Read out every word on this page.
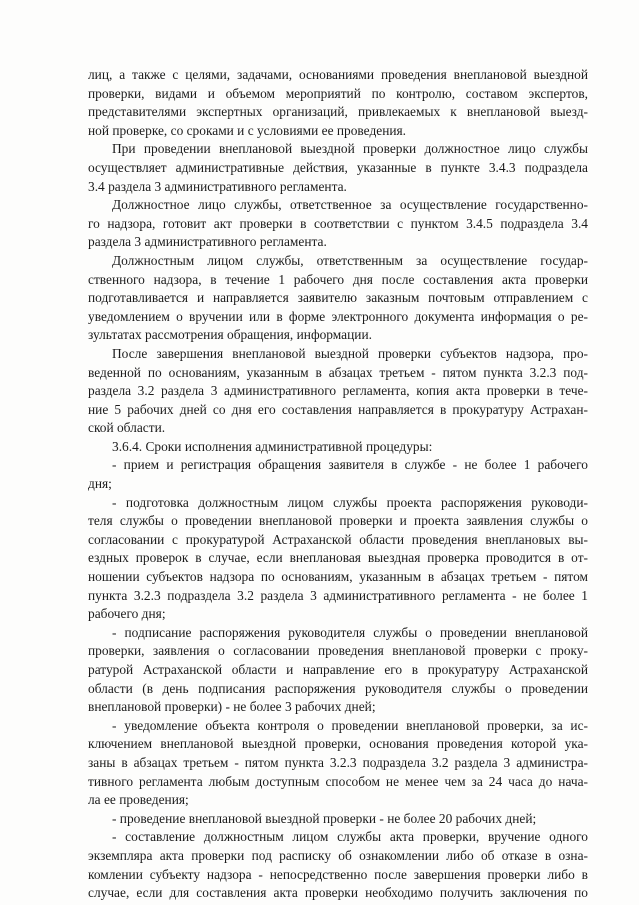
лиц, а также с целями, задачами, основаниями проведения внеплановой выездной
проверки, видами и объемом мероприятий по контролю, составом экспертов,
представителями экспертных организаций, привлекаемых к внеплановой выезд-
ной проверке, со сроками и с условиями ее проведения.
При проведении внеплановой выездной проверки должностное лицо службы
осуществляет административные действия, указанные в пункте 3.4.3 подраздела
3.4 раздела 3 административного регламента.
Должностное лицо службы, ответственное за осуществление государственно-
го надзора, готовит акт проверки в соответствии с пунктом 3.4.5 подраздела 3.4
раздела 3 административного регламента.
Должностным лицом службы, ответственным за осуществление государ-
ственного надзора, в течение 1 рабочего дня после составления акта проверки
подготавливается и направляется заявителю заказным почтовым отправлением с
уведомлением о вручении или в форме электронного документа информация о ре-
зультатах рассмотрения обращения, информации.
После завершения внеплановой выездной проверки субъектов надзора, про-
веденной по основаниям, указанным в абзацах третьем - пятом пункта 3.2.3 под-
раздела 3.2 раздела 3 административного регламента, копия акта проверки в тече-
ние 5 рабочих дней со дня его составления направляется в прокуратуру Астрахан-
ской области.
3.6.4. Сроки исполнения административной процедуры:
- прием и регистрация обращения заявителя в службе - не более 1 рабочего
дня;
- подготовка должностным лицом службы проекта распоряжения руководи-
теля службы о проведении внеплановой проверки и проекта заявления службы о
согласовании с прокуратурой Астраханской области проведения внеплановых вы-
ездных проверок в случае, если внеплановая выездная проверка проводится в от-
ношении субъектов надзора по основаниям, указанным в абзацах третьем - пятом
пункта 3.2.3 подраздела 3.2 раздела 3 административного регламента - не более 1
рабочего дня;
- подписание распоряжения руководителя службы о проведении внеплановой
проверки, заявления о согласовании проведения внеплановой проверки с проку-
ратурой Астраханской области и направление его в прокуратуру Астраханской
области (в день подписания распоряжения руководителя службы о проведении
внеплановой проверки) - не более 3 рабочих дней;
- уведомление объекта контроля о проведении внеплановой проверки, за ис-
ключением внеплановой выездной проверки, основания проведения которой ука-
заны в абзацах третьем - пятом пункта 3.2.3 подраздела 3.2 раздела 3 администра-
тивного регламента любым доступным способом не менее чем за 24 часа до нача-
ла ее проведения;
- проведение внеплановой выездной проверки - не более 20 рабочих дней;
- составление должностным лицом службы акта проверки, вручение одного
экземпляра акта проверки под расписку об ознакомлении либо об отказе в озна-
комлении субъекту надзора - непосредственно после завершения проверки либо в
случае, если для составления акта проверки необходимо получить заключения по
